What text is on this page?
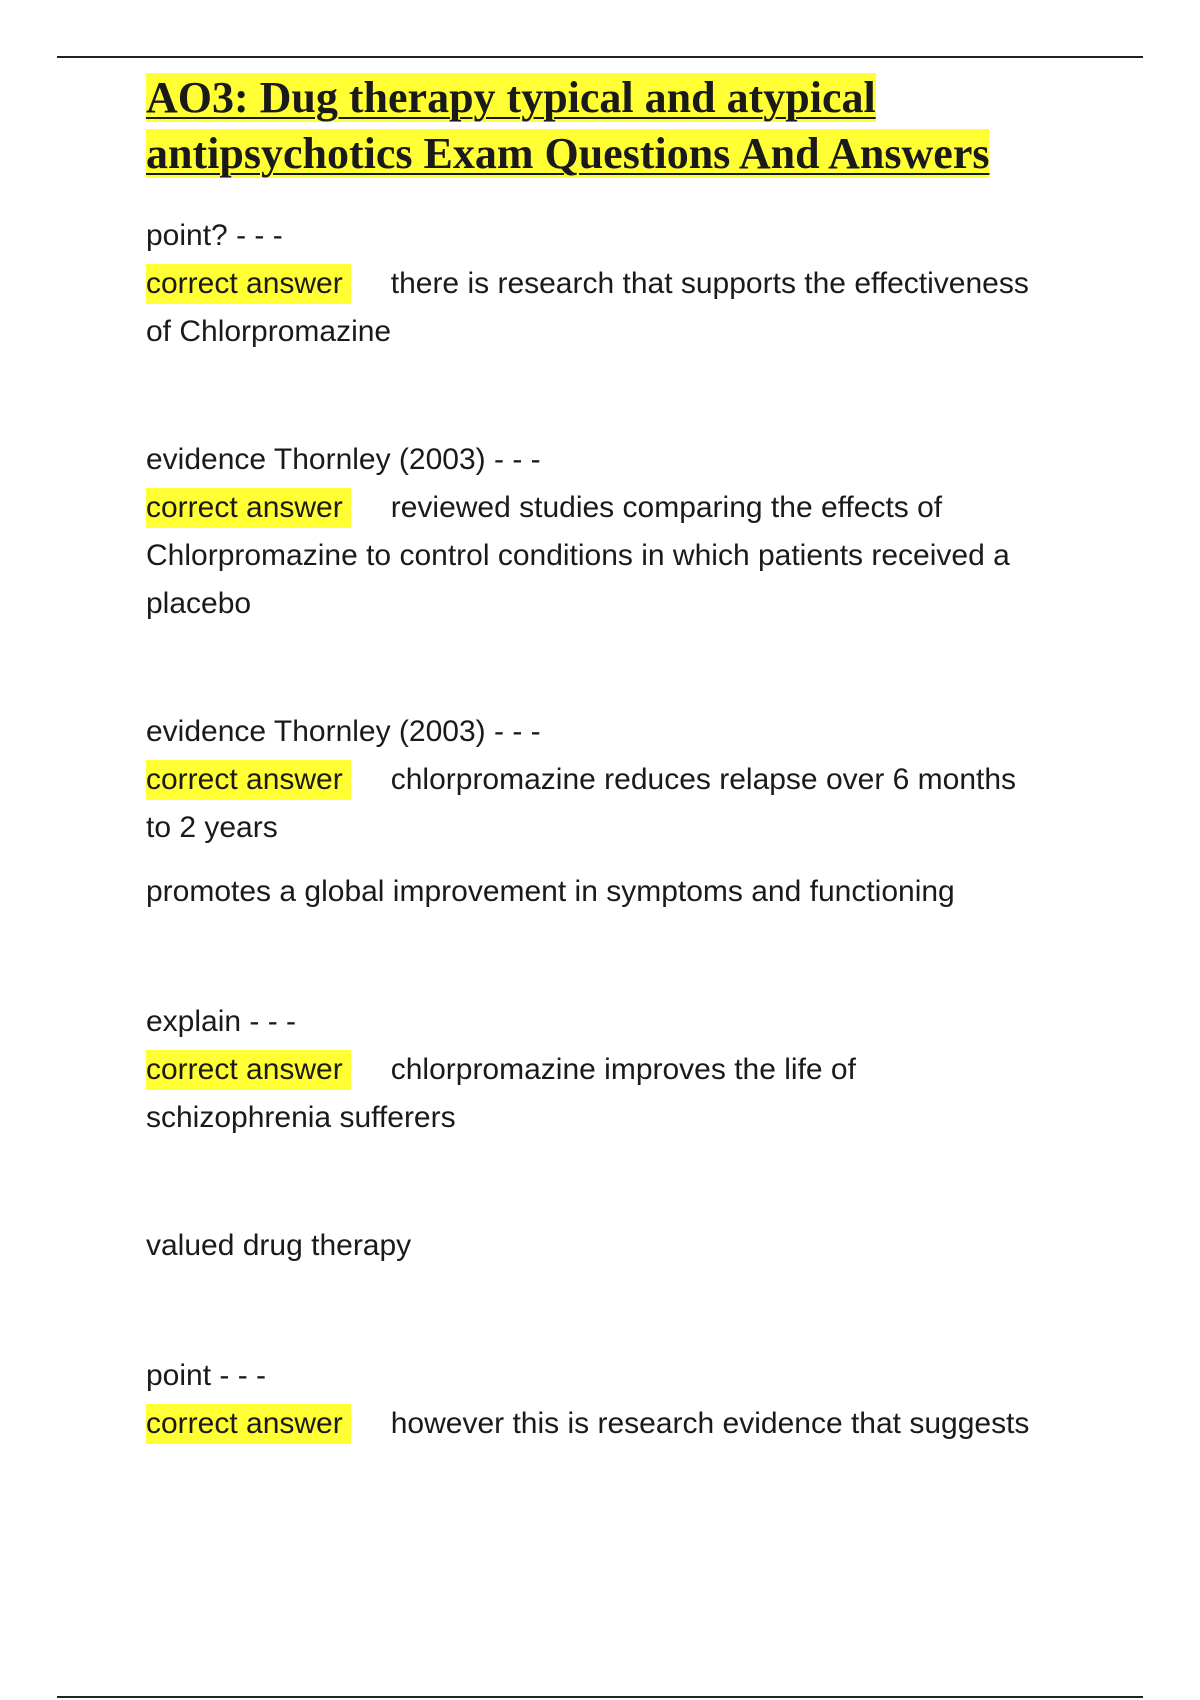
AO3: Dug therapy typical and atypical
antipsychotics Exam Questions And Answers

point? - - -

correct answer there is research that supports the effectiveness

of Chlorpromazine

evidence Thornley (2003) - - -

correct answer reviewed studies comparing the effects of

Chlorpromazine to control conditions in which patients received a

placebo

evidence Thornley (2003) - - -

correct answer chlorpromazine reduces relapse over 6 months

to 2 years

promotes a global improvement in symptoms and functioning

explain - - -

correct answer chlorpromazine improves the life of

schizophrenia sufferers

valued drug therapy

point - - -

correct answer however this is research evidence that suggests
